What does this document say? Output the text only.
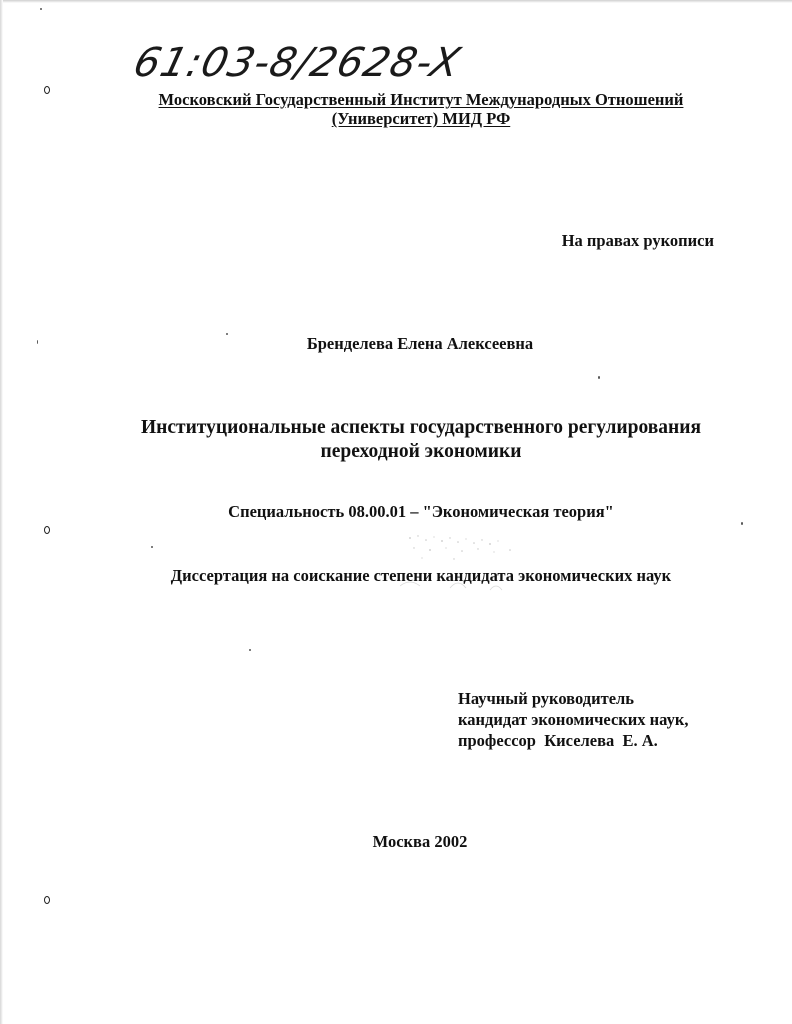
61:03-8/2628-X
Московский Государственный Институт Международных Отношений
(Университет) МИД РФ
На правах рукописи
Бренделева Елена Алексеевна
Институциональные аспекты государственного регулирования
переходной экономики
Специальность 08.00.01 – "Экономическая теория"
Диссертация на соискание степени кандидата экономических наук
Научный руководитель
кандидат экономических наук,
профессор  Киселева  Е. А.
Москва 2002
